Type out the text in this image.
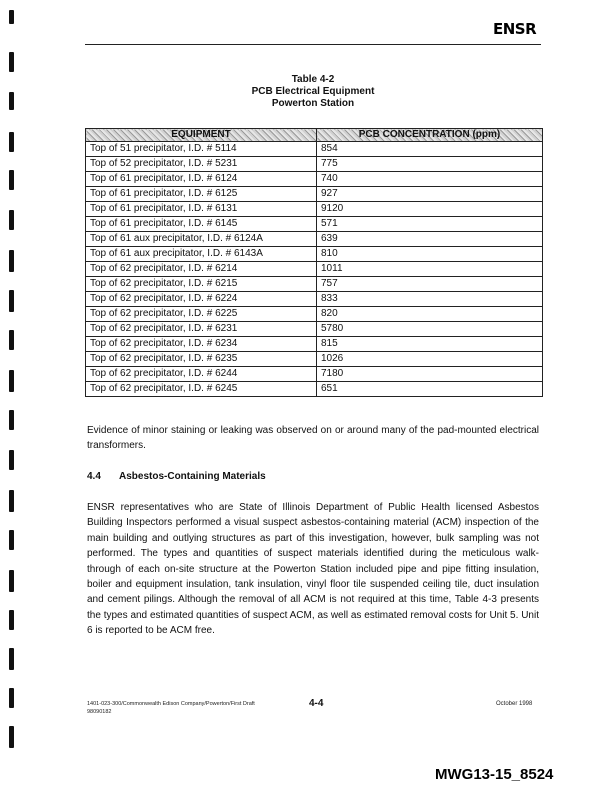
ENSR
Table 4-2
PCB Electrical Equipment
Powerton Station
EQUIPMENT	PCB CONCENTRATION (ppm)
Top of 51 precipitator, I.D. # 5114	854
Top of 52 precipitator, I.D. # 5231	775
Top of 61 precipitator, I.D. # 6124	740
Top of 61 precipitator, I.D. # 6125	927
Top of 61 precipitator, I.D. # 6131	9120
Top of 61 precipitator, I.D. # 6145	571
Top of 61 aux precipitator, I.D. # 6124A	639
Top of 61 aux precipitator, I.D. # 6143A	810
Top of 62 precipitator, I.D. # 6214	1011
Top of 62 precipitator, I.D. # 6215	757
Top of 62 precipitator, I.D. # 6224	833
Top of 62 precipitator, I.D. # 6225	820
Top of 62 precipitator, I.D. # 6231	5780
Top of 62 precipitator, I.D. # 6234	815
Top of 62 precipitator, I.D. # 6235	1026
Top of 62 precipitator, I.D. # 6244	7180
Top of 62 precipitator, I.D. # 6245	651

Evidence of minor staining or leaking was observed on or around many of the pad-mounted electrical transformers.

4.4 Asbestos-Containing Materials

ENSR representatives who are State of Illinois Department of Public Health licensed Asbestos Building Inspectors performed a visual suspect asbestos-containing material (ACM) inspection of the main building and outlying structures as part of this investigation, however, bulk sampling was not performed. The types and quantities of suspect materials identified during the meticulous walk-through of each on-site structure at the Powerton Station included pipe and pipe fitting insulation, boiler and equipment insulation, tank insulation, vinyl floor tile suspended ceiling tile, duct insulation and cement pilings. Although the removal of all ACM is not required at this time, Table 4-3 presents the types and estimated quantities of suspect ACM, as well as estimated removal costs for Unit 5. Unit 6 is reported to be ACM free.

1401-023-300/Commonwealth Edison Company/Powerton/First Draft
98090182
4-4	October 1998
MWG13-15_8524
